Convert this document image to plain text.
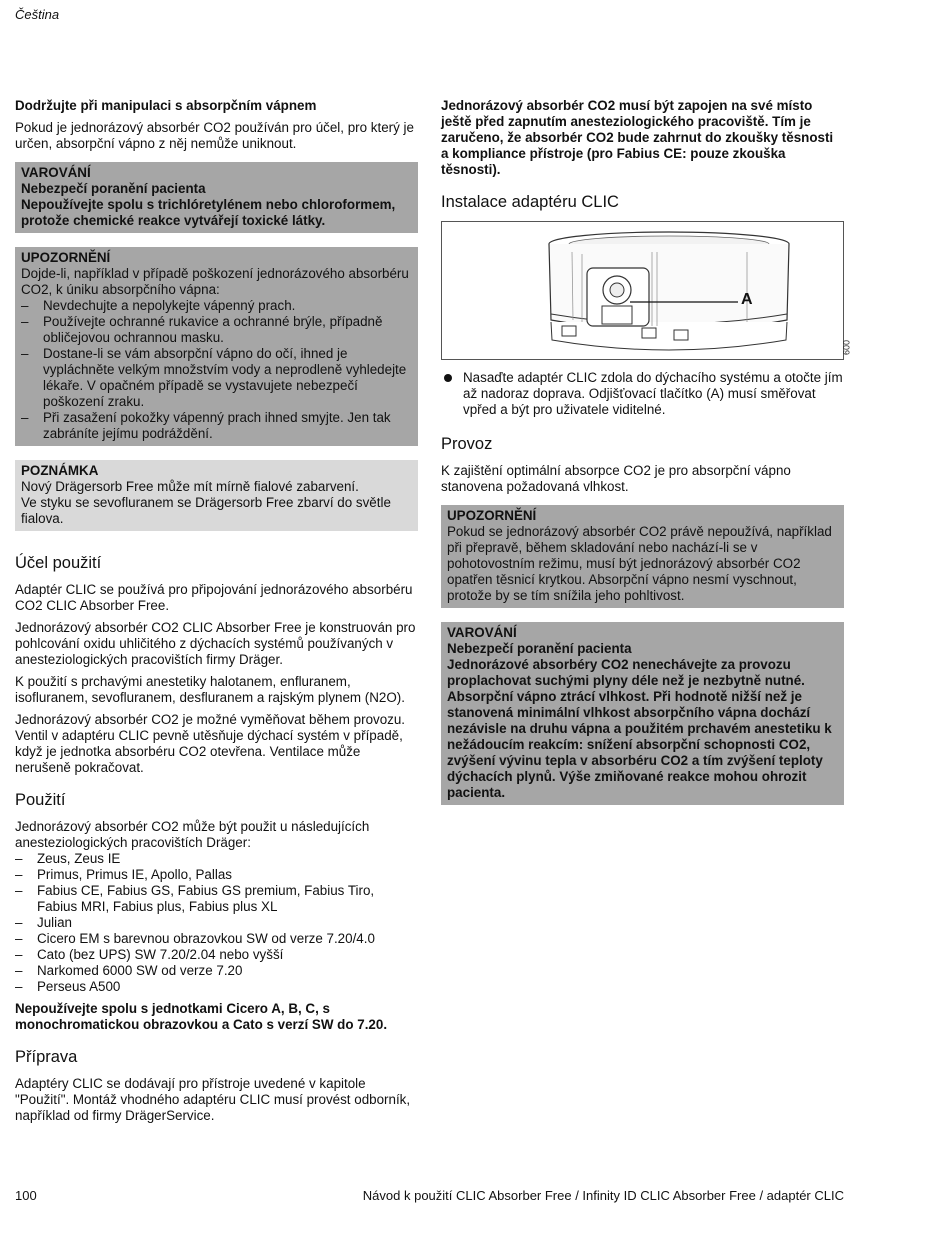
Čeština

Dodržujte při manipulaci s absorpčním vápnem

Pokud je jednorázový absorbér CO2 používán pro účel, pro který je určen, absorpční vápno z něj nemůže uniknout.

VAROVÁNÍ
Nebezpečí poranění pacienta
Nepoužívejte spolu s trichlóretylénem nebo chloroformem, protože chemické reakce vytvářejí toxické látky.
UPOZORNĚNÍ
Dojde-li, například v případě poškození jednorázového absorbéru CO2, k úniku absorpčního vápna:
– Nevdechujte a nepolykejte vápenný prach.
– Používejte ochranné rukavice a ochranné brýle, případně obličejovou ochrannou masku.
– Dostane-li se vám absorpční vápno do očí, ihned je vypláchněte velkým množstvím vody a neprodleně vyhledejte lékaře. V opačném případě se vystavujete nebezpečí poškození zraku.
– Při zasažení pokožky vápenný prach ihned smyjte. Jen tak zabráníte jejímu podráždění.
POZNÁMKA
Nový Drägersorb Free může mít mírně fialové zabarvení.
Ve styku se sevofluranem se Drägersorb Free zbarví do světle fialova.
Účel použití

Adaptér CLIC se používá pro připojování jednorázového absorbéru CO2 CLIC Absorber Free.

Jednorázový absorbér CO2 CLIC Absorber Free je konstruován pro pohlcování oxidu uhličitého z dýchacích systémů používaných v anesteziologických pracovištích firmy Dräger.

K použití s prchavými anestetiky halotanem, enfluranem, isofluranem, sevofluranem, desfluranem a rajským plynem (N2O).

Jednorázový absorbér CO2 je možné vyměňovat během provozu. Ventil v adaptéru CLIC pevně utěsňuje dýchací systém v případě, když je jednotka absorbéru CO2 otevřena. Ventilace může nerušeně pokračovat.

Použití

Jednorázový absorbér CO2 může být použit u následujících anesteziologických pracovištích Dräger:

– Zeus, Zeus IE
– Primus, Primus IE, Apollo, Pallas
– Fabius CE, Fabius GS, Fabius GS premium, Fabius Tiro, Fabius MRI, Fabius plus, Fabius plus XL
– Julian
– Cicero EM s barevnou obrazovkou SW od verze 7.20/4.0
– Cato (bez UPS) SW 7.20/2.04 nebo vyšší
– Narkomed 6000 SW od verze 7.20
– Perseus A500

Nepoužívejte spolu s jednotkami Cicero A, B, C, s monochromatickou obrazovkou a Cato s verzí SW do 7.20.

Příprava

Adaptéry CLIC se dodávají pro přístroje uvedené v kapitole "Použití". Montáž vhodného adaptéru CLIC musí provést odborník, například od firmy DrägerService.

Jednorázový absorbér CO2 musí být zapojen na své místo ještě před zapnutím anesteziologického pracoviště. Tím je zaručeno, že absorbér CO2 bude zahrnut do zkoušky těsnosti a kompliance přístroje (pro Fabius CE: pouze zkouška těsnosti).

Instalace adaptéru CLIC
A
009
Nasaďte adaptér CLIC zdola do dýchacího systému a otočte jím až nadoraz doprava. Odjišťovací tlačítko (A) musí směřovat vpřed a být pro uživatele viditelné.
Provoz

K zajištění optimální absorpce CO2 je pro absorpční vápno stanovena požadovaná vlhkost.

UPOZORNĚNÍ
Pokud se jednorázový absorbér CO2 právě nepoužívá, například při přepravě, během skladování nebo nachází-li se v pohotovostním režimu, musí být jednorázový absorbér CO2 opatřen těsnicí krytkou. Absorpční vápno nesmí vyschnout, protože by se tím snížila jeho pohltivost.
VAROVÁNÍ
Nebezpečí poranění pacienta
Jednorázové absorbéry CO2 nenechávejte za provozu proplachovat suchými plyny déle než je nezbytně nutné. Absorpční vápno ztrácí vlhkost. Při hodnotě nižší než je stanovená minimální vlhkost absorpčního vápna dochází nezávisle na druhu vápna a použitém prchavém anestetiku k nežádoucím reakcím: snížení absorpční schopnosti CO2, zvýšení vývinu tepla v absorbéru CO2 a tím zvýšení teploty dýchacích plynů. Výše zmiňované reakce mohou ohrozit pacienta.
100	Návod k použití CLIC Absorber Free / Infinity ID CLIC Absorber Free / adaptér CLIC
